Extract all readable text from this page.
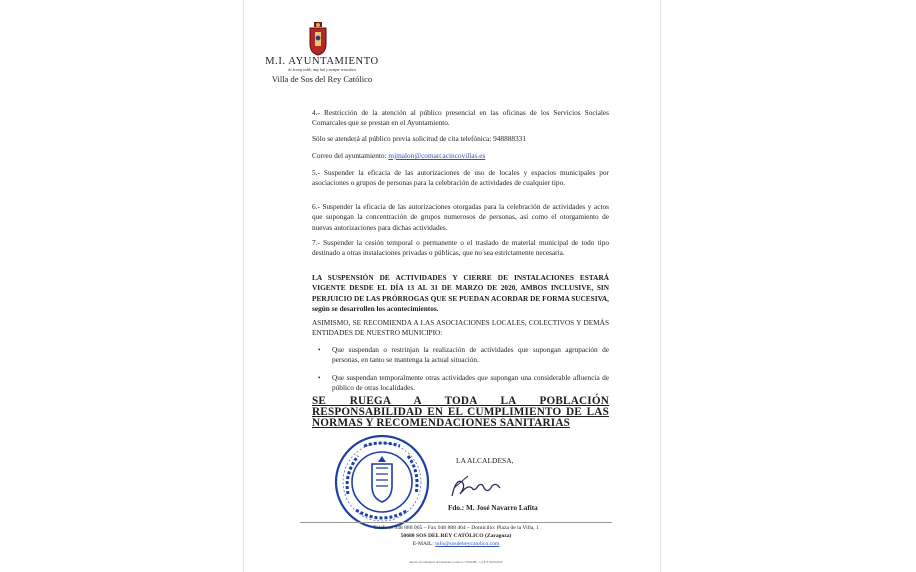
M.I. AYUNTAMIENTO
de la muy noble, muy leal y siempre vencedora
Villa de Sos del Rey Católico
4.- Restricción de la atención al público presencial en las oficinas de los Servicios Sociales Comarcales que se prestan en el Ayuntamiento.
Sólo se atenderá al público previa solicitud de cita telefónica: 948888331
Correo del ayuntamiento: mjmalon@comarcacincovillas.es
5.- Suspender la eficacia de las autorizaciones de uso de locales y espacios municipales por asociaciones o grupos de personas para la celebración de actividades de cualquier tipo.
6.- Suspender la eficacia de las autorizaciones otorgadas para la celebración de actividades y actos que supongan la concentración de grupos numerosos de personas, así como el otorgamiento de nuevas autorizaciones para dichas actividades.
7.- Suspender la cesión temporal o permanente o el traslado de material municipal de todo tipo destinado a otras instalaciones privadas o públicas, que no sea estrictamente necesaria.
LA SUSPENSIÓN DE ACTIVIDADES Y CIERRE DE INSTALACIONES ESTARÁ VIGENTE DESDE EL DÍA 13 AL 31 DE MARZO DE 2020, AMBOS INCLUSIVE, SIN PERJUICIO DE LAS PRÓRROGAS QUE SE PUEDAN ACORDAR DE FORMA SUCESIVA, según se desarrollen los acontecimientos.
ASIMISMO, SE RECOMIENDA A LAS ASOCIACIONES LOCALES, COLECTIVOS Y DEMÁS ENTIDADES DE NUESTRO MUNICIPIO:
• Que suspendan o restrinjan la realización de actividades que supongan agrupación de personas, en tanto se mantenga la actual situación.
• Que suspendan temporalmente otras actividades que supongan una considerable afluencia de público de otras localidades.
SE RUEGA A TODA LA POBLACIÓN RESPONSABILIDAD EN EL CUMPLIMIENTO DE LAS NORMAS Y RECOMENDACIONES SANITARIAS
LA ALCALDESA,
Fdo.: M. José Navarro Lafita
Teléfono 948 888 065 – Fax 948 888 464 – Domicilio: Plaza de la Villa, 1
50680 SOS DEL REY CATÓLICO (Zaragoza)
E-MAIL: info@sosdelreycatolico.com
Inscrito en el Registro de Entidades Locales n.º 01502480 – C.I.F. P-5025100-H
